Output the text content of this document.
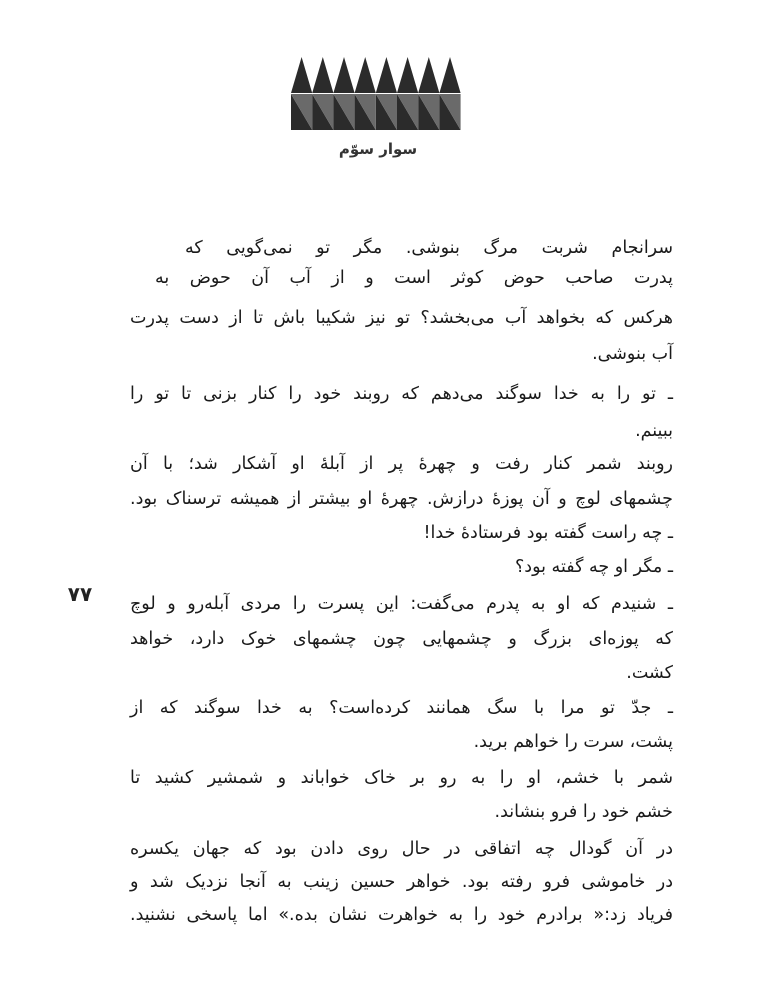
سوار سوّم
۷۷
سرانجام شربت مرگ بنوشی. مگر تو نمی‌گویی که
پدرت صاحب حوض کوثر است و از آب آن حوض به
هرکس که بخواهد آب می‌بخشد؟ تو نیز شکیبا باش تا از دست پدرت
آب بنوشی.
ـ تو را به خدا سوگند می‌دهم که روبند خود را کنار بزنی تا تو را
ببینم.
روبند شمر کنار رفت و چهرهٔ پر از آبلهٔ او آشکار شد؛ با آن
چشمهای لوچ و آن پوزهٔ درازش. چهرهٔ او بیشتر از همیشه ترسناک بود.
ـ چه راست گفته بود فرستادهٔ خدا!
ـ مگر او چه گفته بود؟
ـ شنیدم که او به پدرم می‌گفت: این پسرت را مردی آبله‌رو و لوچ
که پوزه‌ای بزرگ و چشمهایی چون چشمهای خوک دارد، خواهد
کشت.
ـ جدّ تو مرا با سگ همانند کرده‌است؟ به خدا سوگند که از
پشت، سرت را خواهم برید.
شمر با خشم، او را به رو بر خاک خواباند و شمشیر کشید تا
خشم خود را فرو بنشاند.
در آن گودال چه اتفاقی در حال روی دادن بود که جهان یکسره
در خاموشی فرو رفته بود. خواهر حسین زینب به آنجا نزدیک شد و
فریاد زد:« برادرم خود را به خواهرت نشان بده.» اما پاسخی نشنید.
